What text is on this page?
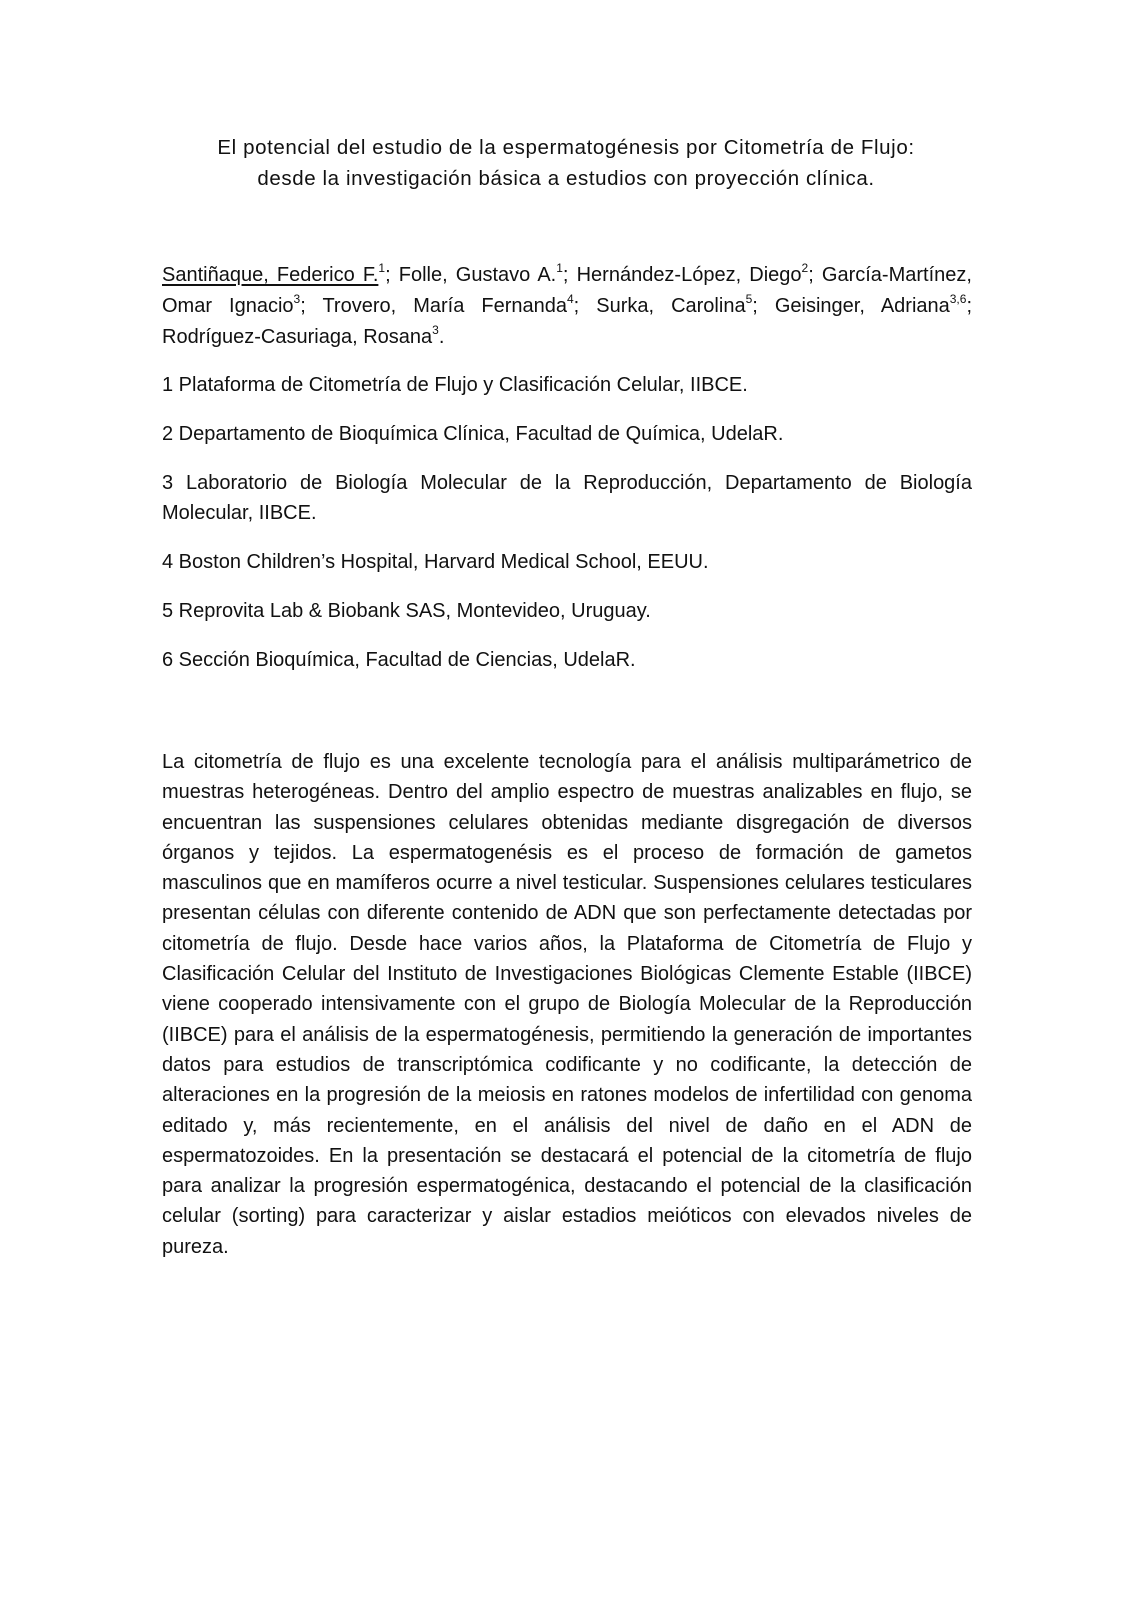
El potencial del estudio de la espermatogénesis por Citometría de Flujo:
desde la investigación básica a estudios con proyección clínica.

Santiñaque, Federico F.$^1$; Folle, Gustavo A.$^1$; Hernández-López, Diego$^2$; García-Martínez, Omar Ignacio$^3$; Trovero, María Fernanda$^4$; Surka, Carolina$^5$; Geisinger, Adriana$^{3,6}$; Rodríguez-Casuriaga, Rosana$^3$.

1 Plataforma de Citometría de Flujo y Clasificación Celular, IIBCE.
2 Departamento de Bioquímica Clínica, Facultad de Química, UdelaR.
3 Laboratorio de Biología Molecular de la Reproducción, Departamento de Biología Molecular, IIBCE.
4 Boston Children’s Hospital, Harvard Medical School, EEUU.
5 Reprovita Lab & Biobank SAS, Montevideo, Uruguay.
6 Sección Bioquímica, Facultad de Ciencias, UdelaR.

La citometría de flujo es una excelente tecnología para el análisis multiparámetrico de muestras heterogéneas. Dentro del amplio espectro de muestras analizables en flujo, se encuentran las suspensiones celulares obtenidas mediante disgregación de diversos órganos y tejidos. La espermatogenésis es el proceso de formación de gametos masculinos que en mamíferos ocurre a nivel testicular. Suspensiones celulares testiculares presentan células con diferente contenido de ADN que son perfectamente detectadas por citometría de flujo. Desde hace varios años, la Plataforma de Citometría de Flujo y Clasificación Celular del Instituto de Investigaciones Biológicas Clemente Estable (IIBCE) viene cooperado intensivamente con el grupo de Biología Molecular de la Reproducción (IIBCE) para el análisis de la espermatogénesis, permitiendo la generación de importantes datos para estudios de transcriptómica codificante y no codificante, la detección de alteraciones en la progresión de la meiosis en ratones modelos de infertilidad con genoma editado y, más recientemente, en el análisis del nivel de daño en el ADN de espermatozoides. En la presentación se destacará el potencial de la citometría de flujo para analizar la progresión espermatogénica, destacando el potencial de la clasificación celular (sorting) para caracterizar y aislar estadios meióticos con elevados niveles de pureza.
